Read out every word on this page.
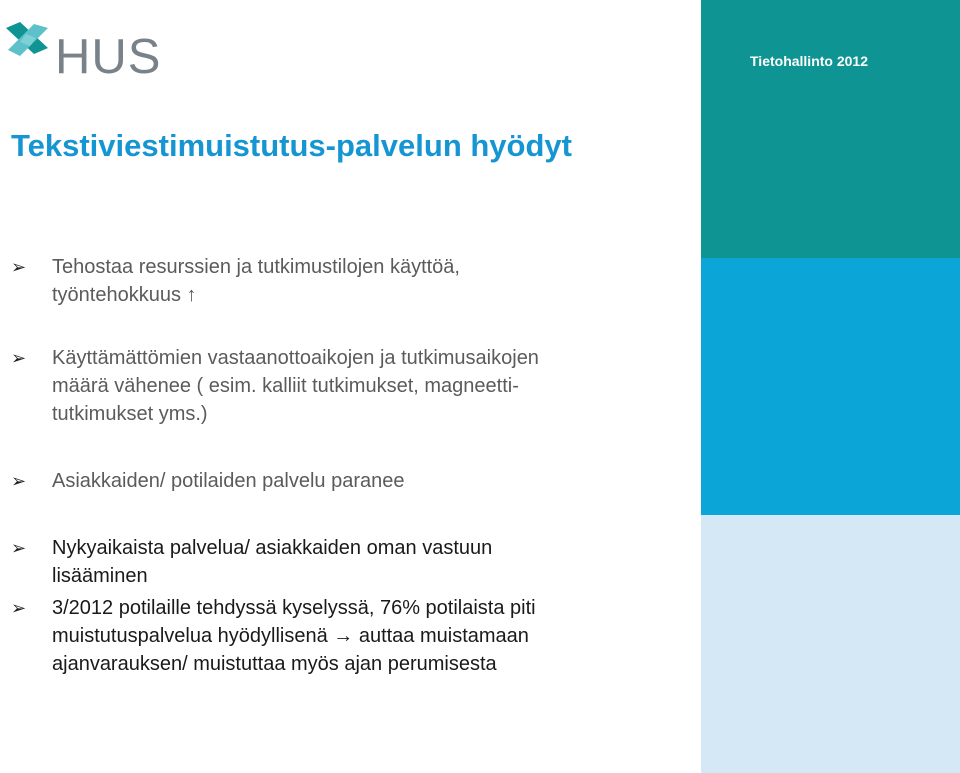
Tietohallinto 2012
HUS
Tekstiviestimuistutus-palvelun hyödyt
➢ Tehostaa resurssien ja tutkimustilojen käyttöä,
työntehokkuus ↑
➢ Käyttämättömien vastaanottoaikojen ja tutkimusaikojen
määrä vähenee ( esim. kalliit tutkimukset, magneetti-
tutkimukset yms.)
➢ Asiakkaiden/ potilaiden palvelu paranee
➢ Nykyaikaista palvelua/ asiakkaiden oman vastuun
lisääminen
➢ 3/2012 potilaille tehdyssä kyselyssä, 76% potilaista piti
muistutuspalvelua hyödyllisenä → auttaa muistamaan
ajanvarauksen/ muistuttaa myös ajan perumisesta
